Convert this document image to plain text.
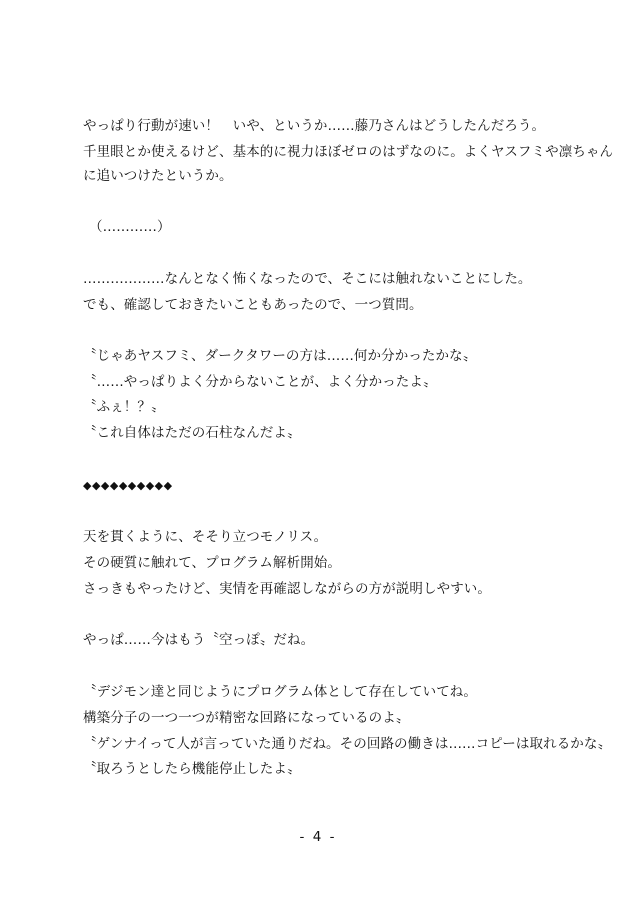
やっぱり行動が速い！　いや、というか……藤乃さんはどうしたんだろう。
千里眼とか使えるけど、基本的に視力ほぼゼロのはずなのに。よくヤスフミや凛ちゃん
に追いつけたというか。
（…………）
………………なんとなく怖くなったので、そこには触れないことにした。
でも、確認しておきたいこともあったので、一つ質問。
〝じゃあヤスフミ、ダークタワーの方は……何か分かったかな〟
〝……やっぱりよく分からないことが、よく分かったよ〟
〝ふぇ！？〟
〝これ自体はただの石柱なんだよ〟
◆◆◆◆◆◆◆◆◆◆
天を貫くように、そそり立つモノリス。
その硬質に触れて、プログラム解析開始。
さっきもやったけど、実情を再確認しながらの方が説明しやすい。
やっぱ……今はもう〝空っぽ〟だね。
〝デジモン達と同じようにプログラム体として存在していてね。
構築分子の一つ一つが精密な回路になっているのよ〟
〝ゲンナイって人が言っていた通りだね。その回路の働きは……コピーは取れるかな〟
〝取ろうとしたら機能停止したよ〟
- 4 -
